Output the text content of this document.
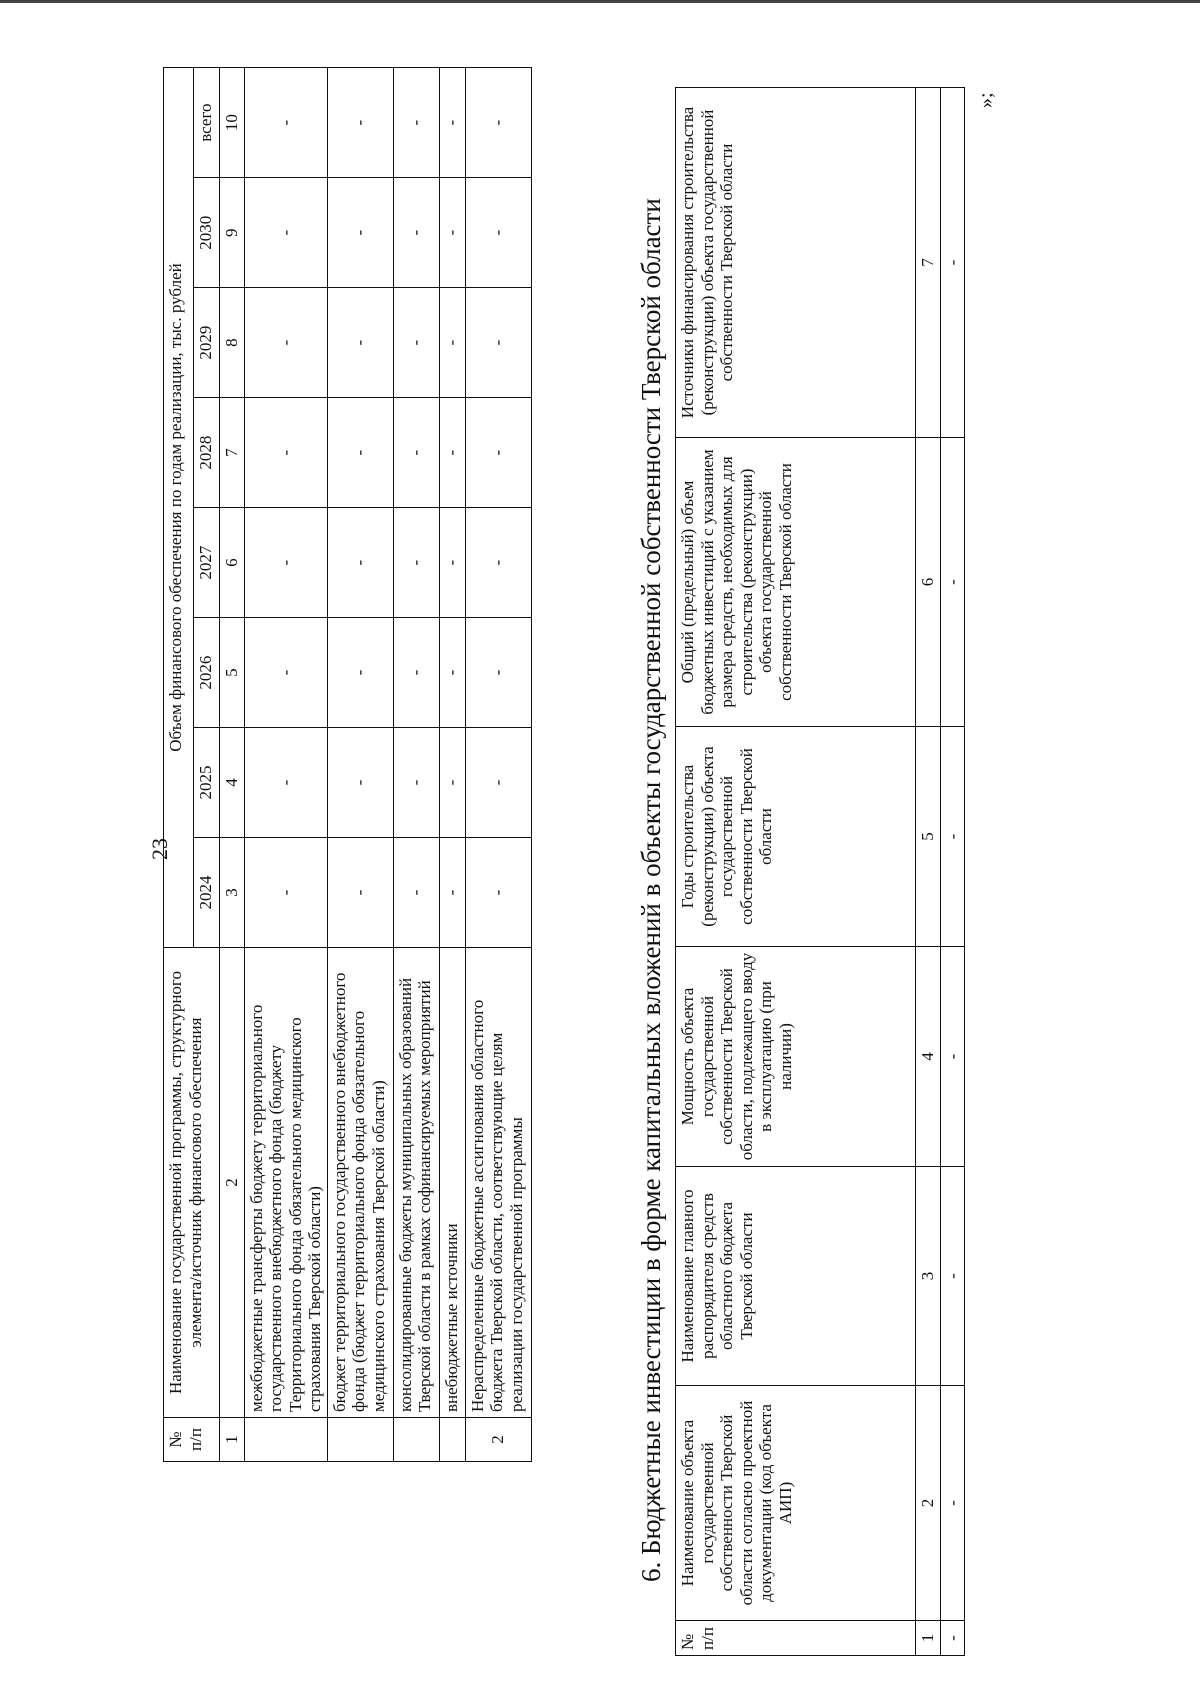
23
№ п/п	Наименование государственной программы, структурного элемента/источник финансового обеспечения	Объем финансового обеспечения по годам реализации, тыс. рублей							
		2024	2025	2026	2027	2028	2029	2030	всего
1	2	3	4	5	6	7	8	9	10
	межбюджетные трансферты бюджету территориального государственного внебюджетного фонда (бюджету Территориального фонда обязательного медицинского страхования Тверской области)	-	-	-	-	-	-	-	-
	бюджет территориального государственного внебюджетного фонда (бюджет территориального фонда обязательного медицинского страхования Тверской области)	-	-	-	-	-	-	-	-
	консолидированные бюджеты муниципальных образований Тверской области в рамках софинансируемых мероприятий	-	-	-	-	-	-	-	-
	внебюджетные источники	-	-	-	-	-	-	-	-
2	Нераспределенные бюджетные ассигнования областного бюджета Тверской области, соответствующие целям реализации государственной программы	-	-	-	-	-	-	-	-
6. Бюджетные инвестиции в форме капитальных вложений в объекты государственной собственности Тверской области
№ п/п	Наименование объекта государственной собственности Тверской области согласно проектной документации (код объекта АИП)	Наименование главного распорядителя средств областного бюджета Тверской области	Мощность объекта государственной собственности Тверской области, подлежащего вводу в эксплуатацию (при наличии)	Годы строительства (реконструкции) объекта государственной собственности Тверской области	Общий (предельный) объем бюджетных инвестиций с указанием размера средств, необходимых для строительства (реконструкции) объекта государственной собственности Тверской области	Источники финансирования строительства (реконструкции) объекта государственной собственности Тверской области
1	2	3	4	5	6	7
-	-	-	-	-	-	-
»;
